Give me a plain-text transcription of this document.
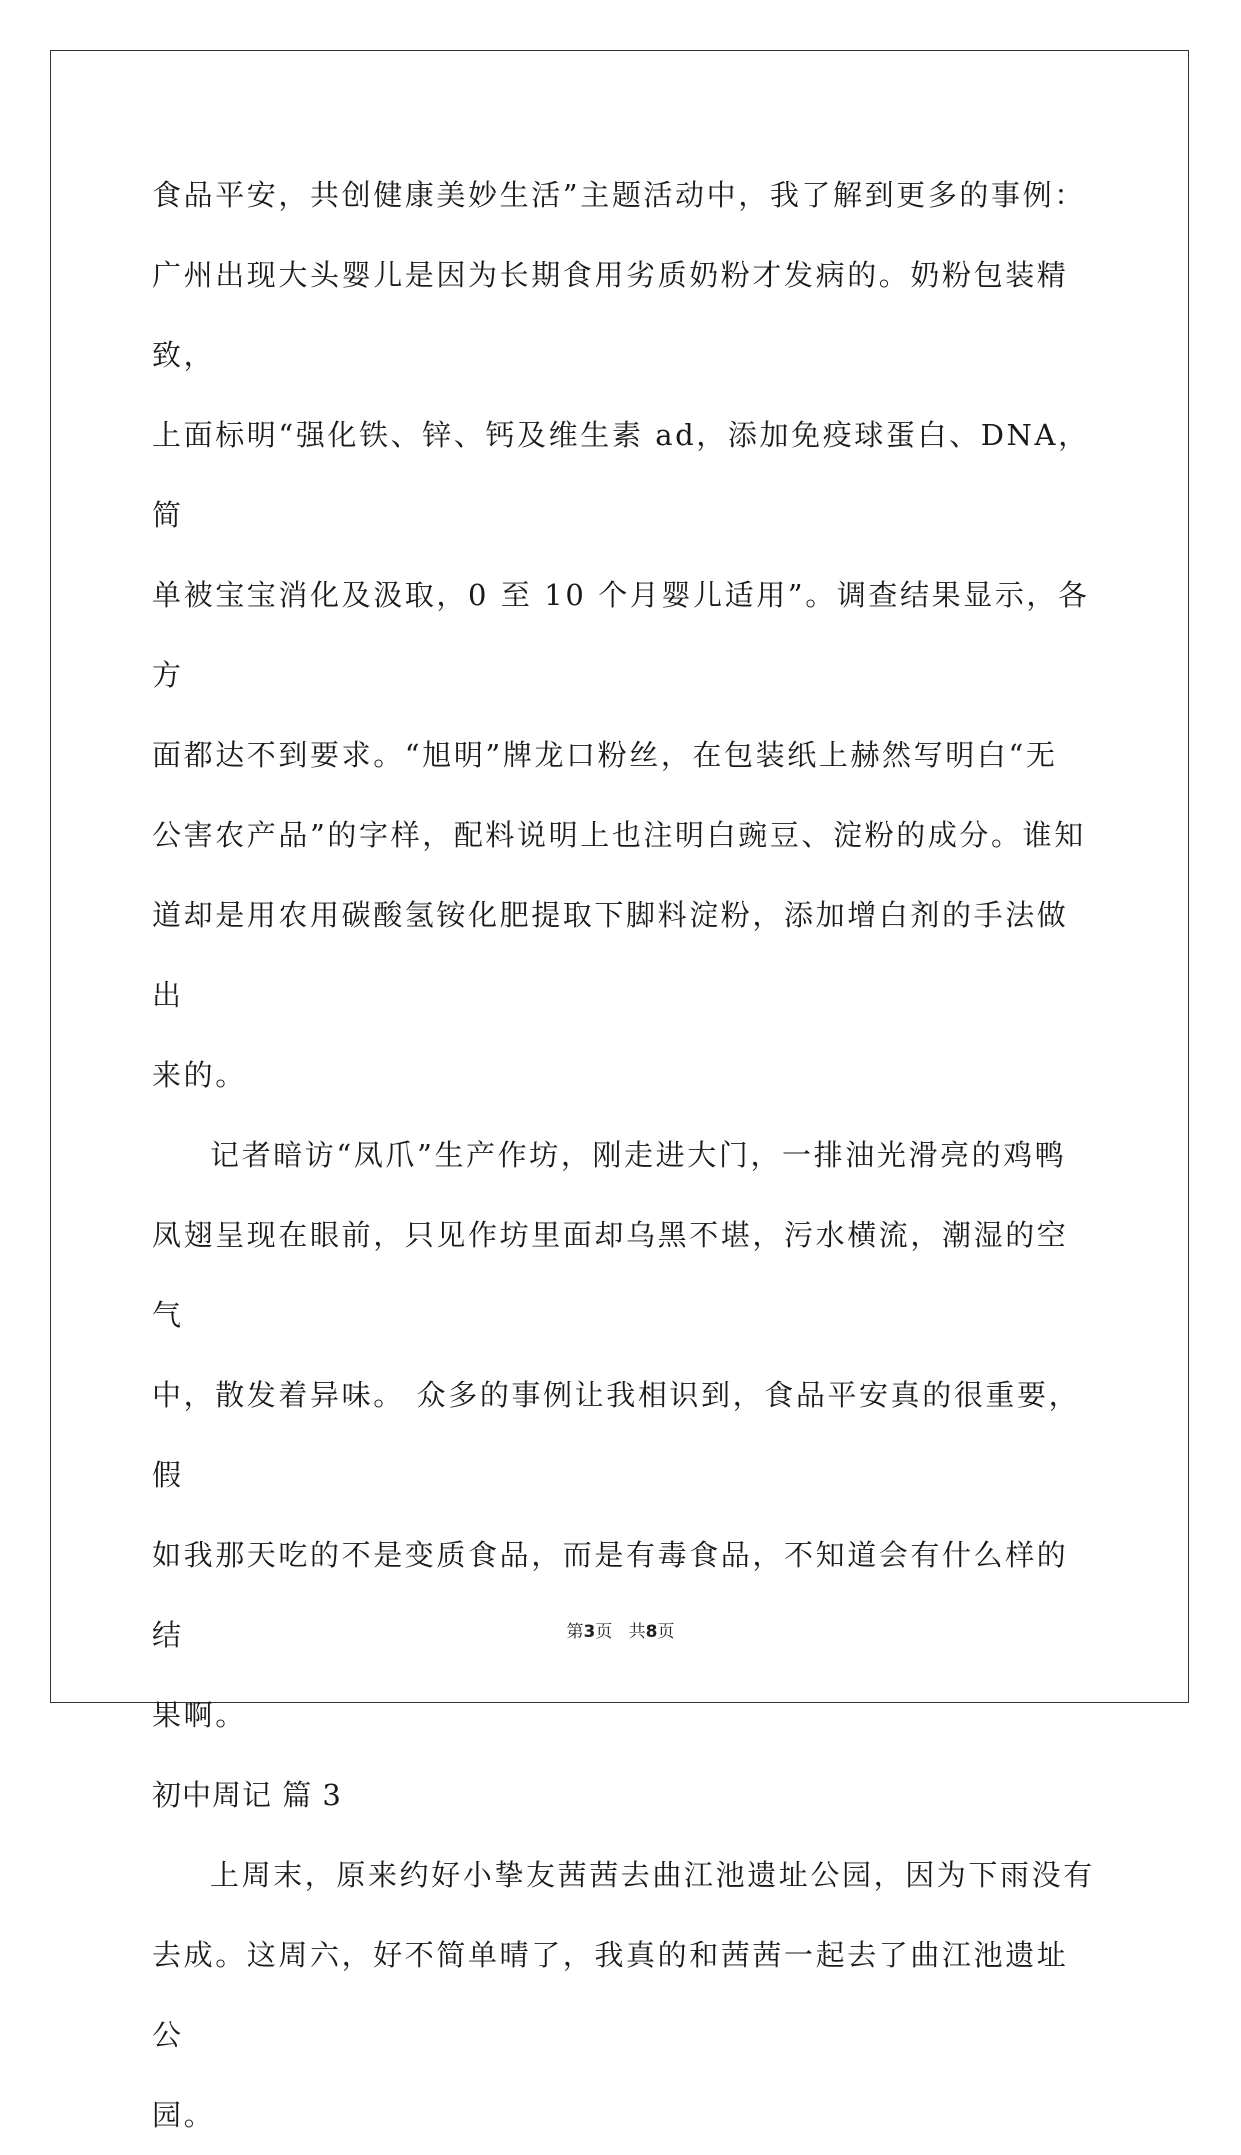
食品平安，共创健康美妙生活”主题活动中，我了解到更多的事例：

广州出现大头婴儿是因为长期食用劣质奶粉才发病的。奶粉包装精致，

上面标明“强化铁、锌、钙及维生素 ad，添加免疫球蛋白、DNA，简

单被宝宝消化及汲取，0 至 10 个月婴儿适用”。调查结果显示，各方

面都达不到要求。“旭明”牌龙口粉丝，在包装纸上赫然写明白“无

公害农产品”的字样，配料说明上也注明白豌豆、淀粉的成分。谁知

道却是用农用碳酸氢铵化肥提取下脚料淀粉，添加增白剂的手法做出

来的。

记者暗访“凤爪”生产作坊，刚走进大门，一排油光滑亮的鸡鸭

凤翅呈现在眼前，只见作坊里面却乌黑不堪，污水横流，潮湿的空气

中，散发着异味。 众多的事例让我相识到，食品平安真的很重要，假

如我那天吃的不是变质食品，而是有毒食品，不知道会有什么样的结

果啊。

初中周记 篇 3

上周末，原来约好小挚友茜茜去曲江池遗址公园，因为下雨没有

去成。这周六，好不简单晴了，我真的和茜茜一起去了曲江池遗址公

园。

第3页   共8页
